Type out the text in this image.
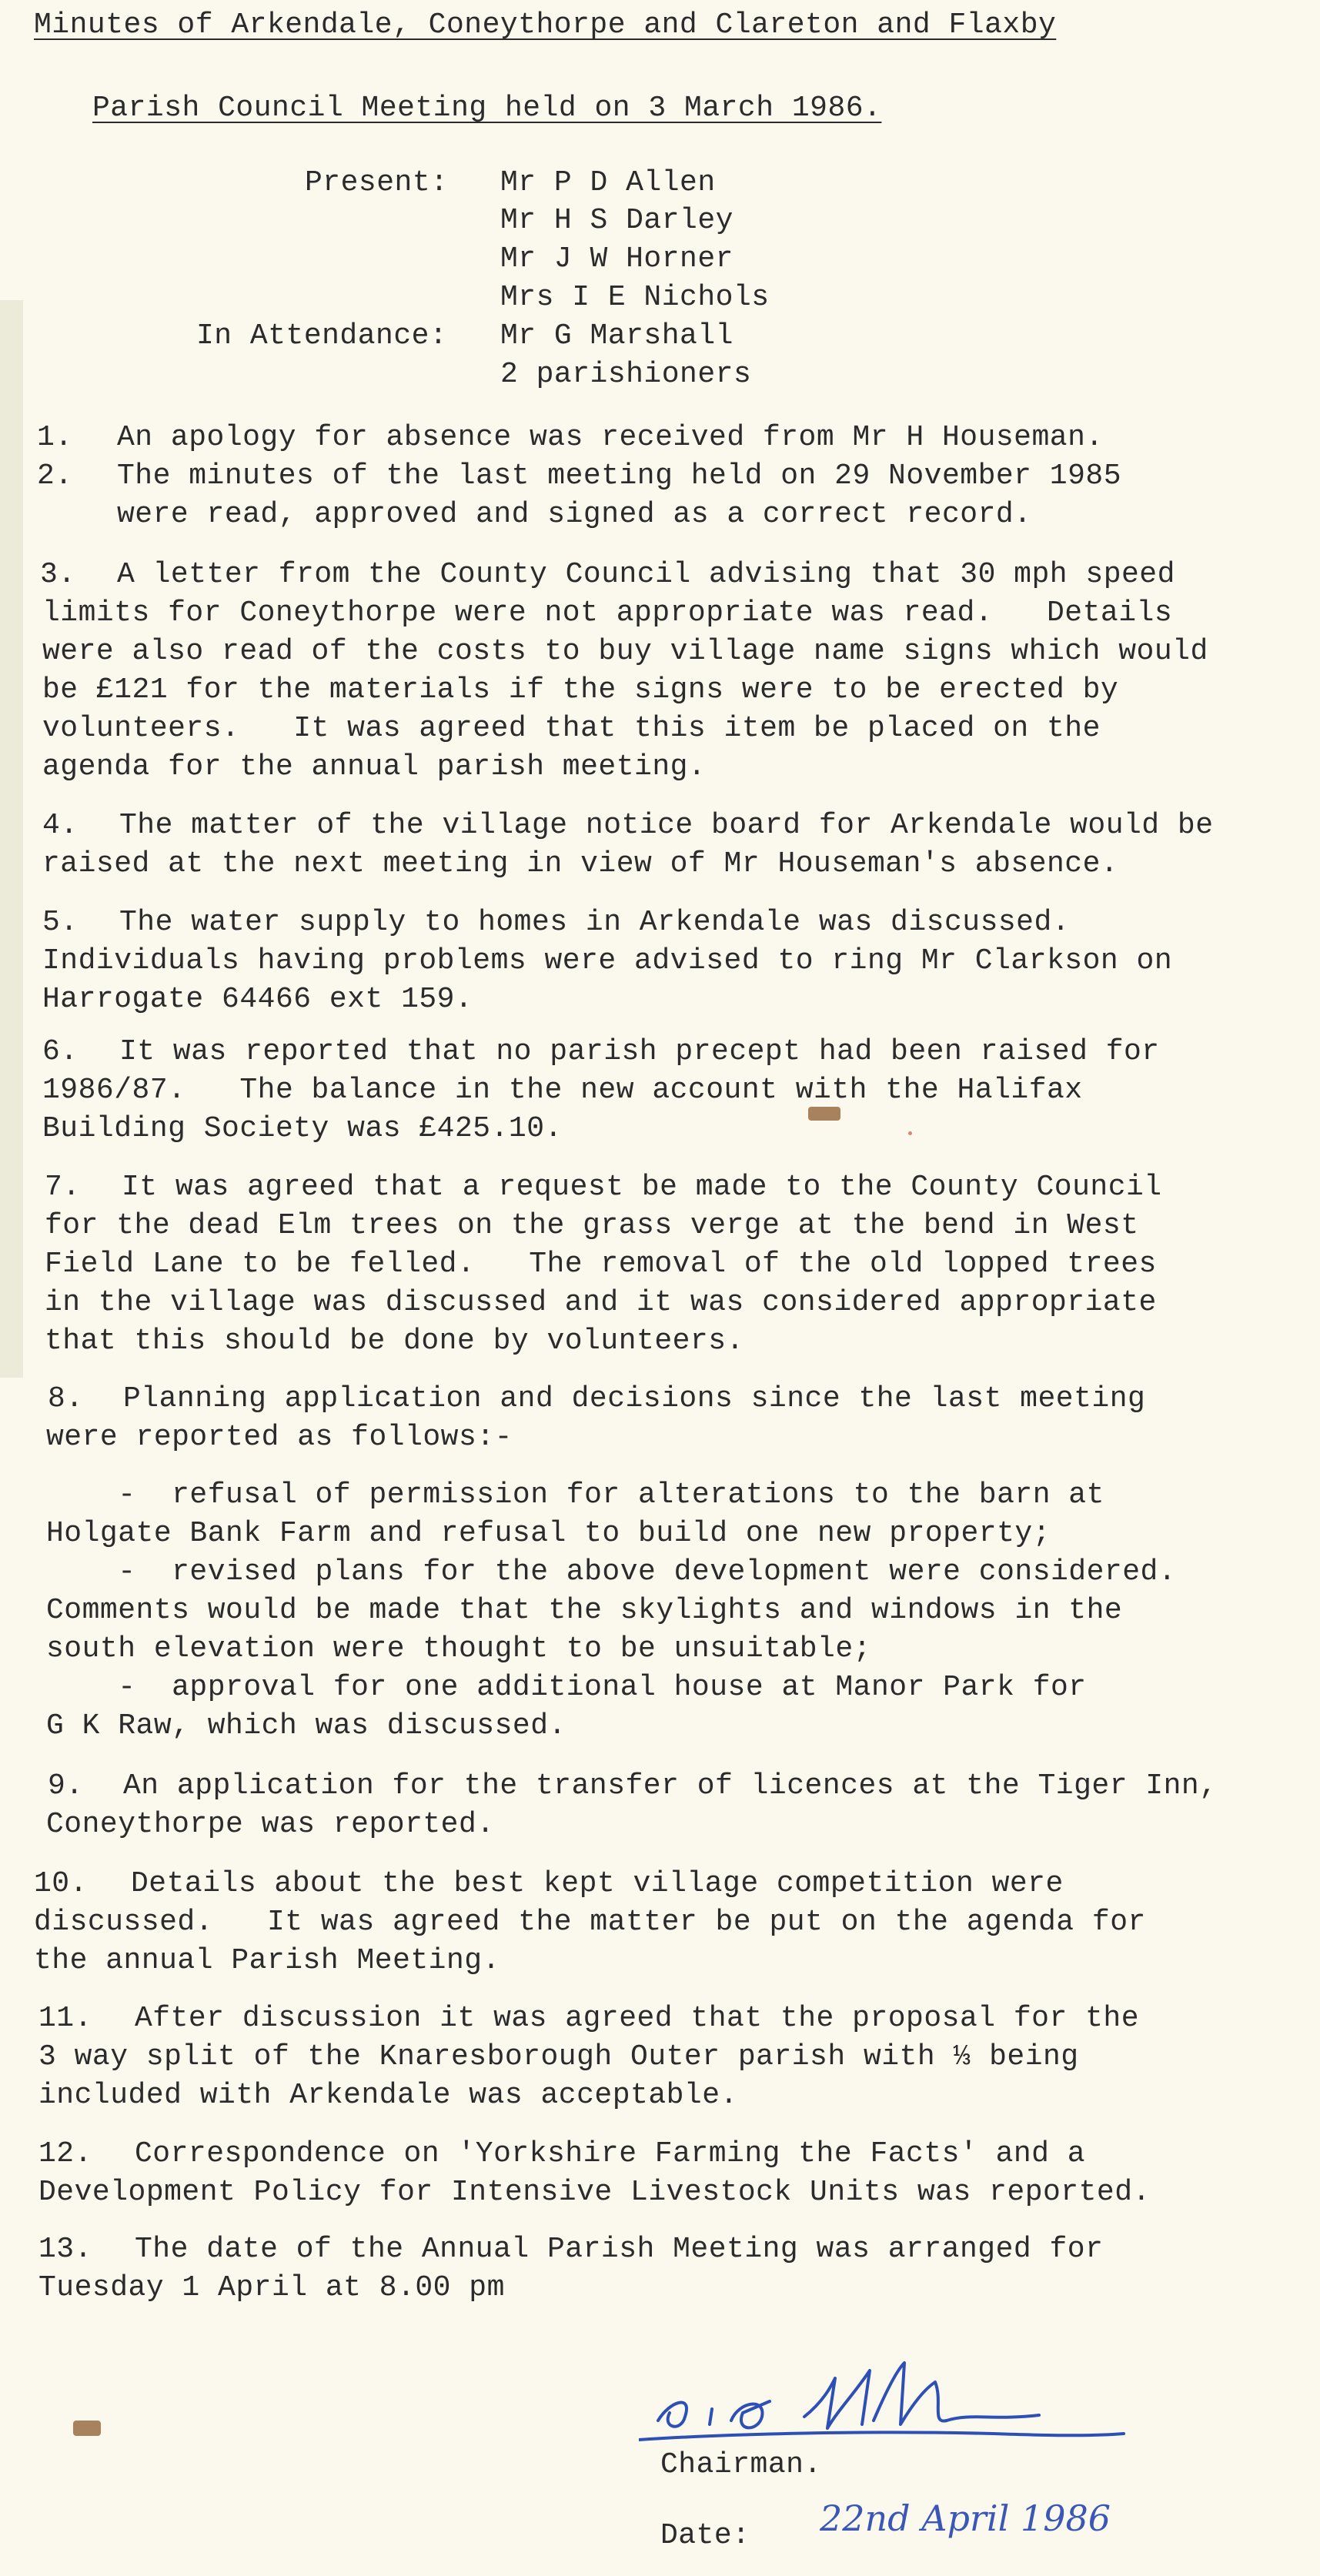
Minutes of Arkendale, Coneythorpe and Clareton and Flaxby
Parish Council Meeting held on 3 March 1986.
Present: Mr P D Allen
Mr H S Darley
Mr J W Horner
Mrs I E Nichols
In Attendance: Mr G Marshall
2 parishioners
1. An apology for absence was received from Mr H Houseman.
2. The minutes of the last meeting held on 29 November 1985
were read, approved and signed as a correct record.
3. A letter from the County Council advising that 30 mph speed
limits for Coneythorpe were not appropriate was read.   Details
were also read of the costs to buy village name signs which would
be £121 for the materials if the signs were to be erected by
volunteers.   It was agreed that this item be placed on the
agenda for the annual parish meeting.
4. The matter of the village notice board for Arkendale would be
raised at the next meeting in view of Mr Houseman's absence.
5. The water supply to homes in Arkendale was discussed.
Individuals having problems were advised to ring Mr Clarkson on
Harrogate 64466 ext 159.
6. It was reported that no parish precept had been raised for
1986/87.   The balance in the new account with the Halifax
Building Society was £425.10.
7. It was agreed that a request be made to the County Council
for the dead Elm trees on the grass verge at the bend in West
Field Lane to be felled.   The removal of the old lopped trees
in the village was discussed and it was considered appropriate
that this should be done by volunteers.
8. Planning application and decisions since the last meeting
were reported as follows:-
-  refusal of permission for alterations to the barn at
Holgate Bank Farm and refusal to build one new property;
-  revised plans for the above development were considered.
Comments would be made that the skylights and windows in the
south elevation were thought to be unsuitable;
-  approval for one additional house at Manor Park for
G K Raw, which was discussed.
9. An application for the transfer of licences at the Tiger Inn,
Coneythorpe was reported.
10. Details about the best kept village competition were
discussed.   It was agreed the matter be put on the agenda for
the annual Parish Meeting.
11. After discussion it was agreed that the proposal for the
3 way split of the Knaresborough Outer parish with ⅓ being
included with Arkendale was acceptable.
12. Correspondence on 'Yorkshire Farming the Facts' and a
Development Policy for Intensive Livestock Units was reported.
13. The date of the Annual Parish Meeting was arranged for
Tuesday 1 April at 8.00 pm
Chairman.
Date: 22nd April 1986
